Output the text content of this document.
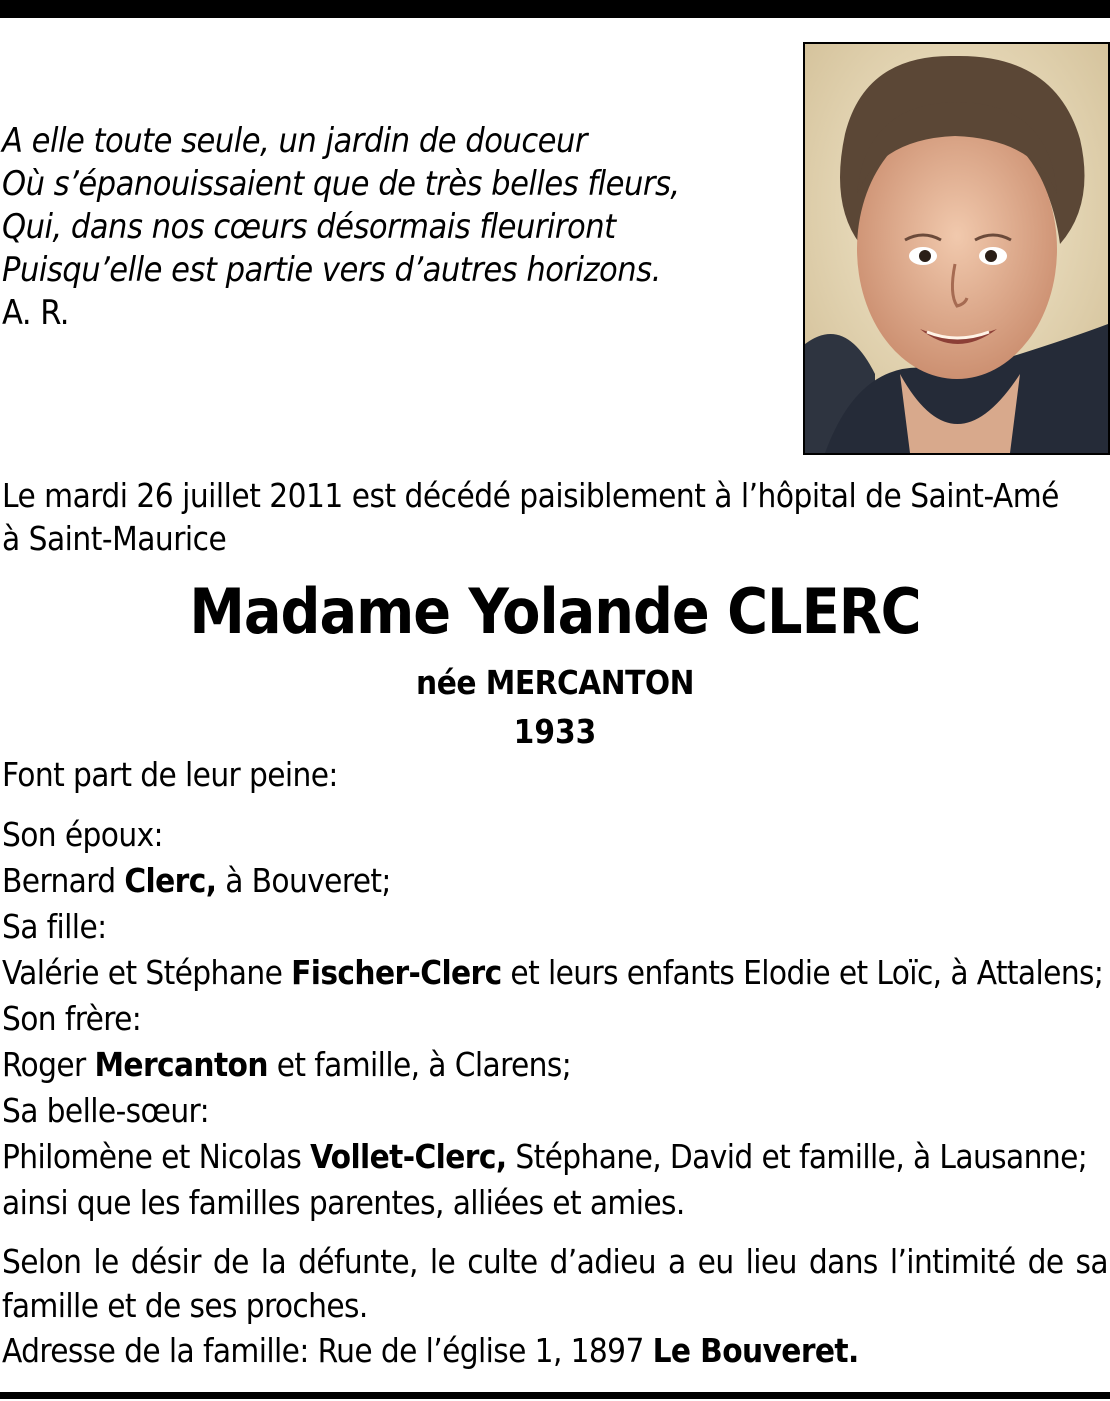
A elle toute seule, un jardin de douceur
Où s’épanouissaient que de très belles fleurs,
Qui, dans nos cœurs désormais fleuriront
Puisqu’elle est partie vers d’autres horizons.
A. R.
Le mardi 26 juillet 2011 est décédé paisiblement à l’hôpital de Saint-Amé
à Saint-Maurice
Madame Yolande CLERC
née MERCANTON
1933

Font part de leur peine:

Son époux:

Bernard Clerc, à Bouveret;

Sa fille:

Valérie et Stéphane Fischer-Clerc et leurs enfants Elodie et Loïc, à Attalens;

Son frère:

Roger Mercanton et famille, à Clarens;

Sa belle-sœur:

Philomène et Nicolas Vollet-Clerc, Stéphane, David et famille, à Lausanne;

ainsi que les familles parentes, alliées et amies.

Selon le désir de la défunte, le culte d’adieu a eu lieu dans l’intimité de sa famille et de ses proches.

Adresse de la famille: Rue de l’église 1, 1897 Le Bouveret.
